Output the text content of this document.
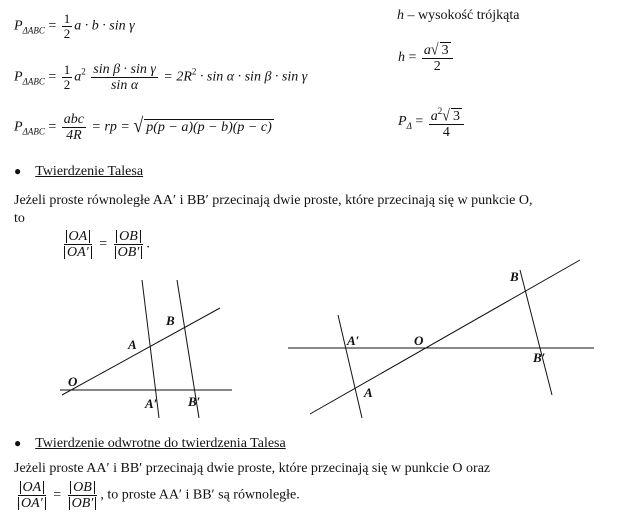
$P_{\Delta ABC} = \frac{1}{2}$ a · b · sin γ
$P_{\Delta ABC} = \frac{1}{2} a^2 \frac{\text{sin β · sin γ}}{\text{sin α}} = 2R^2 \cdot \sin \alpha \cdot \sin \beta \cdot \sin \gamma$
$P_{\Delta ABC} = \frac{\text{abc}}{4R}$ = rp = √ p(p − a)(p − b)(p − c)
h – wysokość trójkąta
$h = \frac{a√ 3}{2}$
$P_\Delta = \frac{a^2√ 3}{4}$
● Twierdzenie Talesa
Jeżeli proste równoległe AA′ i BB′ przecinają dwie proste, które przecinają się w punkcie O,
to
$\frac{OA}{OA'} = \frac{OB}{OB'}$ .
O
A
B
A′ B′
A′	O
B
B′
A
● Twierdzenie odwrotne do twierdzenia Talesa
Jeżeli proste AA′ i BB′ przecinają dwie proste, które przecinają się w punkcie O oraz
$\frac{OA}{OA'} = \frac{OB}{OB'}$ , to proste AA′ i BB′ są równoległe.
